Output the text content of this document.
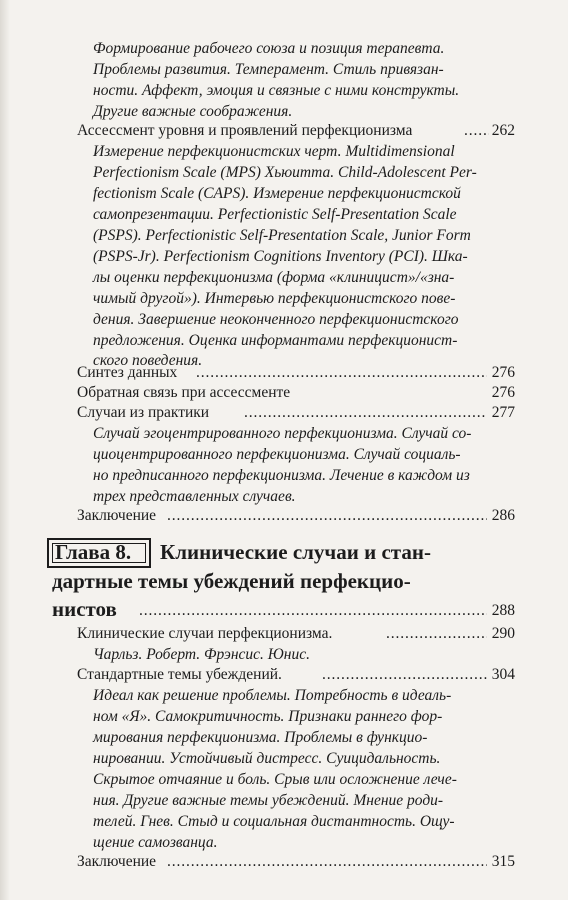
Формирование рабочего союза и позиция терапевта.
Проблемы развития. Темперамент. Стиль привязан-
ности. Аффект, эмоция и связные с ними конструкты.
Другие важные соображения.
Ассессмент уровня и проявлений перфекционизма . . .	262
Измерение перфекционистских черт. Multidimensional
Perfectionism Scale (MPS) Хьюитта. Child-Adolescent Per-
fectionism Scale (CAPS). Измерение перфекционистской
самопрезентации. Perfectionistic Self-Presentation Scale
(PSPS). Perfectionistic Self-Presentation Scale, Junior Form
(PSPS-Jr). Perfectionism Cognitions Inventory (PCI). Шка-
лы оценки перфекционизма (форма «клиницист»/«зна-
чимый другой»). Интервью перфекционистского пове-
дения. Завершение неоконченного перфекционистского
предложения. Оценка информантами перфекционист-
ского поведения.
Синтез данных . . .	276
Обратная связь при ассессменте	276
Случаи из практики . . .	277
Случай эгоцентрированного перфекционизма. Случай со-
циоцентрированного перфекционизма. Случай социаль-
но предписанного перфекционизма. Лечение в каждом из
трех представленных случаев.
Заключение . . .	286
Глава 8. Клинические случаи и стан-
дартные темы убеждений перфекцио-
нистов . . .	288
Клинические случаи перфекционизма. . . .	290
Чарльз. Роберт. Фрэнсис. Юнис.
Стандартные темы убеждений. . . .	304
Идеал как решение проблемы. Потребность в идеаль-
ном «Я». Самокритичность. Признаки раннего фор-
мирования перфекционизма. Проблемы в функцио-
нировании. Устойчивый дистресс. Суицидальность.
Скрытое отчаяние и боль. Срыв или осложнение лече-
ния. Другие важные темы убеждений. Мнение роди-
телей. Гнев. Стыд и социальная дистантность. Ощу-
щение самозванца.
Заключение . . .	315
